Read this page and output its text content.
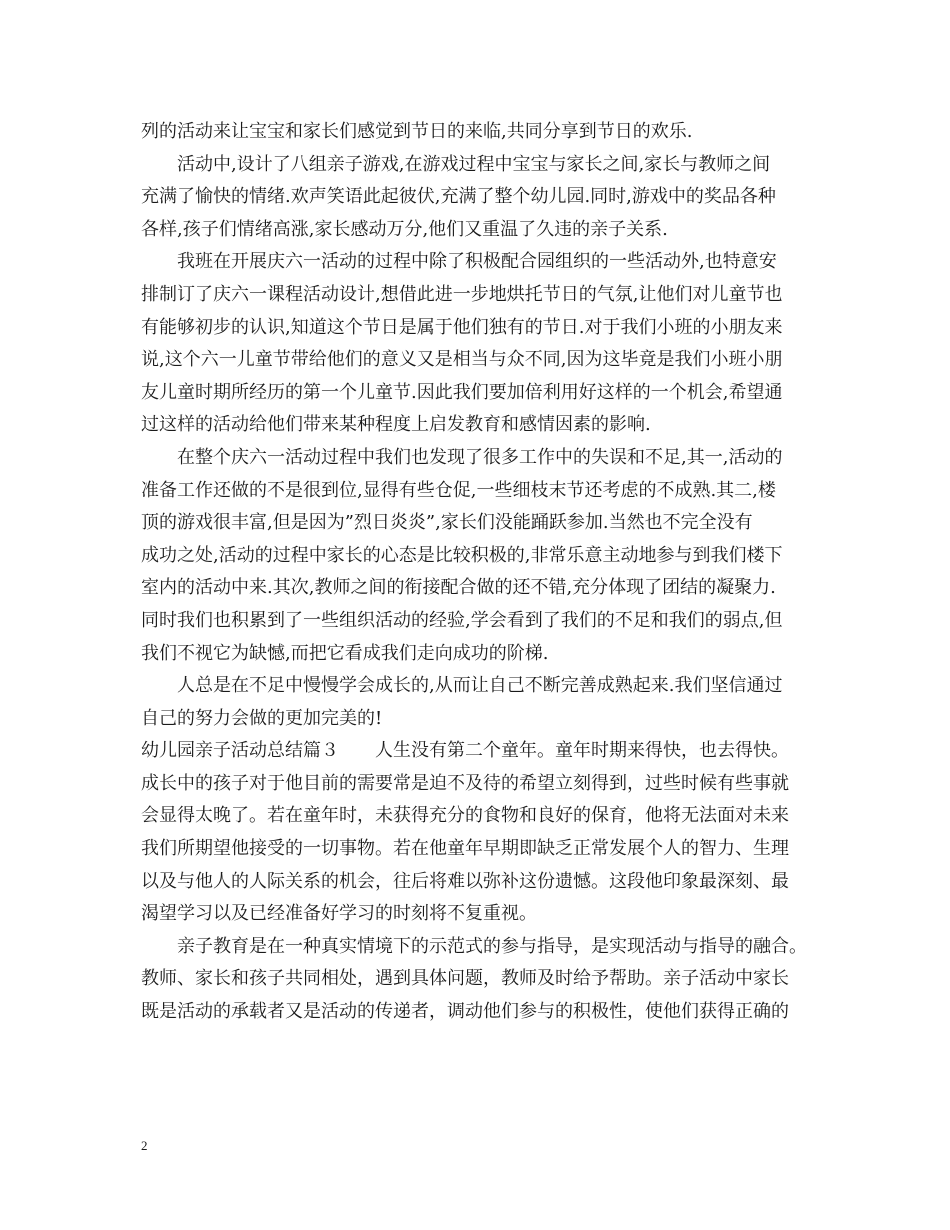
列的活动来让宝宝和家长们感觉到节日的来临,共同分享到节日的欢乐.
活动中,设计了八组亲子游戏,在游戏过程中宝宝与家长之间,家长与教师之间
充满了愉快的情绪.欢声笑语此起彼伏,充满了整个幼儿园.同时,游戏中的奖品各种
各样,孩子们情绪高涨,家长感动万分,他们又重温了久违的亲子关系.
我班在开展庆六一活动的过程中除了积极配合园组织的一些活动外,也特意安
排制订了庆六一课程活动设计,想借此进一步地烘托节日的气氛,让他们对儿童节也
有能够初步的认识,知道这个节日是属于他们独有的节日.对于我们小班的小朋友来
说,这个六一儿童节带给他们的意义又是相当与众不同,因为这毕竟是我们小班小朋
友儿童时期所经历的第一个儿童节.因此我们要加倍利用好这样的一个机会,希望通
过这样的活动给他们带来某种程度上启发教育和感情因素的影响.
在整个庆六一活动过程中我们也发现了很多工作中的失误和不足,其一,活动的
准备工作还做的不是很到位,显得有些仓促,一些细枝末节还考虑的不成熟.其二,楼
顶的游戏很丰富,但是因为”烈日炎炎”,家长们没能踊跃参加.当然也不完全没有
成功之处,活动的过程中家长的心态是比较积极的,非常乐意主动地参与到我们楼下
室内的活动中来.其次,教师之间的衔接配合做的还不错,充分体现了团结的凝聚力.
同时我们也积累到了一些组织活动的经验,学会看到了我们的不足和我们的弱点,但
我们不视它为缺憾,而把它看成我们走向成功的阶梯.
人总是在不足中慢慢学会成长的,从而让自己不断完善成熟起来.我们坚信通过
自己的努力会做的更加完美的!
幼儿园亲子活动总结篇３　　人生没有第二个童年。童年时期来得快，也去得快。
成长中的孩子对于他目前的需要常是迫不及待的希望立刻得到，过些时候有些事就
会显得太晚了。若在童年时，未获得充分的食物和良好的保育，他将无法面对未来
我们所期望他接受的一切事物。若在他童年早期即缺乏正常发展个人的智力、生理
以及与他人的人际关系的机会，往后将难以弥补这份遗憾。这段他印象最深刻、最
渴望学习以及已经准备好学习的时刻将不复重视。
亲子教育是在一种真实情境下的示范式的参与指导，是实现活动与指导的融合。
教师、家长和孩子共同相处，遇到具体问题，教师及时给予帮助。亲子活动中家长
既是活动的承载者又是活动的传递者，调动他们参与的积极性，使他们获得正确的
2
